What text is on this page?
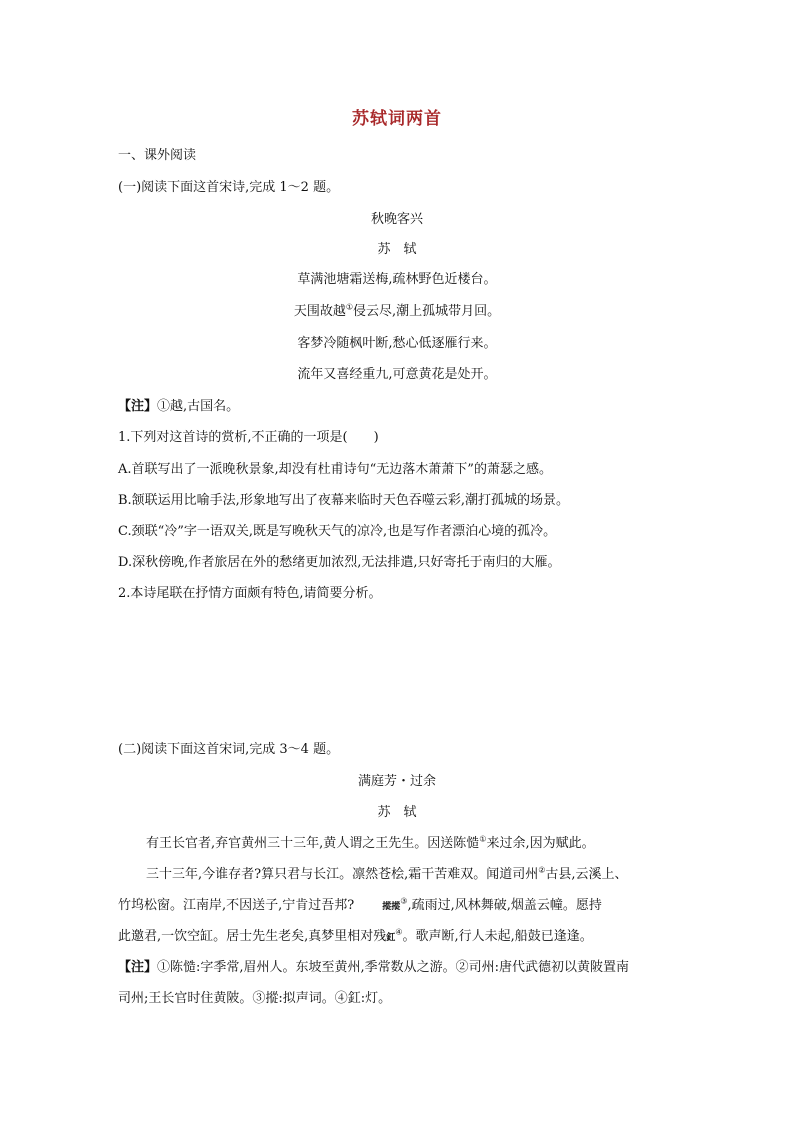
苏轼词两首
一、课外阅读
(一)阅读下面这首宋诗,完成 1～2 题。
秋晚客兴
苏　轼
草满池塘霜送梅,疏林野色近楼台。
天围故越①侵云尽,潮上孤城带月回。
客梦冷随枫叶断,愁心低逐雁行来。
流年又喜经重九,可意黄花是处开。
【注】①越,古国名。
1.下列对这首诗的赏析,不正确的一项是(　　)
A.首联写出了一派晚秋景象,却没有杜甫诗句“无边落木萧萧下”的萧瑟之感。
B.颔联运用比喻手法,形象地写出了夜幕来临时天色吞噬云彩,潮打孤城的场景。
C.颈联“冷”字一语双关,既是写晚秋天气的凉冷,也是写作者漂泊心境的孤冷。
D.深秋傍晚,作者旅居在外的愁绪更加浓烈,无法排遣,只好寄托于南归的大雁。
2.本诗尾联在抒情方面颇有特色,请简要分析。
(二)阅读下面这首宋词,完成 3～4 题。
满庭芳・过余
苏　轼
有王长官者,弃官黄州三十三年,黄人谓之王先生。因送陈慥①来过余,因为赋此。
三十三年,今谁存者?算只君与长江。凛然苍桧,霜干苦难双。闻道司州②古县,云溪上、
竹坞松窗。江南岸,不因送子,宁肯过吾邦?	摐摐③,疏雨过,风林舞破,烟盖云幢。愿持
此邀君,一饮空缸。居士先生老矣,真梦里相对残釭④。歌声断,行人未起,船鼓已逢逢。
【注】①陈慥:字季常,眉州人。东坡至黄州,季常数从之游。②司州:唐代武德初以黄陂置南
司州;王长官时住黄陂。③摐:拟声词。④釭:灯。
